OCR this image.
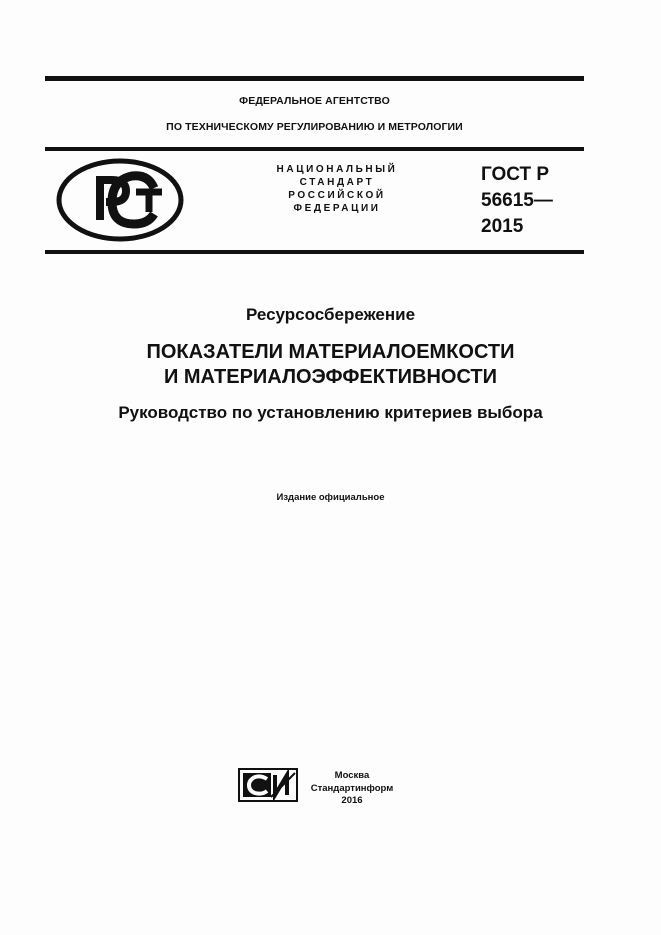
ФЕДЕРАЛЬНОЕ АГЕНТСТВО
ПО ТЕХНИЧЕСКОМУ РЕГУЛИРОВАНИЮ И МЕТРОЛОГИИ
НАЦИОНАЛЬНЫЙ
СТАНДАРТ
РОССИЙСКОЙ
ФЕДЕРАЦИИ
ГОСТ Р
56615—
2015
Ресурсосбережение
ПОКАЗАТЕЛИ МАТЕРИАЛОЕМКОСТИ
И МАТЕРИАЛОЭФФЕКТИВНОСТИ
Руководство по установлению критериев выбора
Издание официальное
Москва
Стандартинформ
2016
